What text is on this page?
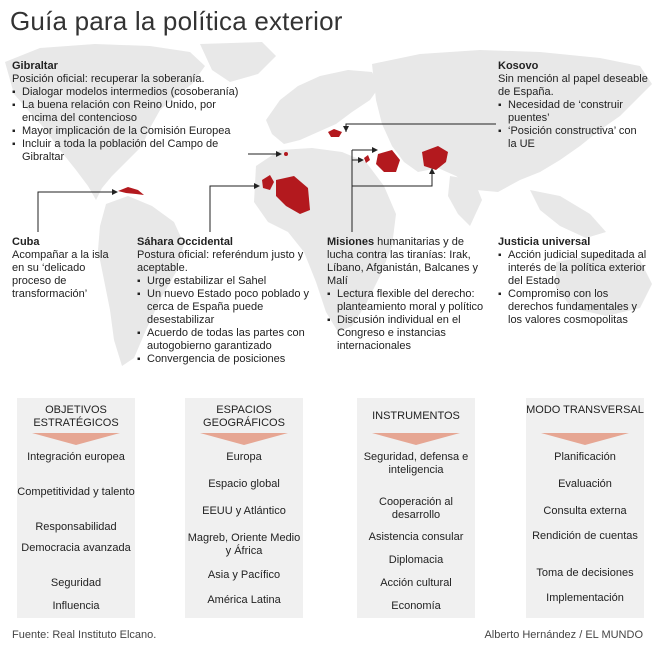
Guía para la política exterior
Gibraltar
Posición oficial: recuperar la soberanía.
▪ Dialogar modelos intermedios (cosoberanía)
▪ La buena relación con Reino Unido, por encima del contencioso
▪ Mayor implicación de la Comisión Europea
▪ Incluir a toda la población del Campo de Gibraltar
Kosovo
Sin mención al papel deseable de España.
▪ Necesidad de ‘construir puentes’
▪ ‘Posición constructiva’ con la UE
Cuba
Acompañar a la isla en su ‘delicado proceso de transformación’
Sáhara Occidental
Postura oficial: referéndum justo y aceptable.
▪ Urge estabilizar el Sahel
▪ Un nuevo Estado poco poblado y cerca de España puede desestabilizar
▪ Acuerdo de todas las partes con autogobierno garantizado
▪ Convergencia de posiciones
Misiones humanitarias y de lucha contra las tiranías: Irak, Líbano, Afganistán, Balcanes y Malí
▪ Lectura flexible del derecho: planteamiento moral y político
▪ Discusión individual en el Congreso e instancias internacionales
Justicia universal
▪ Acción judicial supeditada al interés de la política exterior del Estado
▪ Compromiso con los derechos fundamentales y los valores cosmopolitas
OBJETIVOS ESTRATÉGICOS
Integración europea
Competitividad y talento
Responsabilidad
Democracia avanzada
Seguridad
Influencia
ESPACIOS GEOGRÁFICOS
Europa
Espacio global
EEUU y Atlántico
Magreb, Oriente Medio y África
Asia y Pacífico
América Latina
INSTRUMENTOS
Seguridad, defensa e inteligencia
Cooperación al desarrollo
Asistencia consular
Diplomacia
Acción cultural
Economía
MODO TRANSVERSAL
Planificación
Evaluación
Consulta externa
Rendición de cuentas
Toma de decisiones
Implementación
Fuente: Real Instituto Elcano.	Alberto Hernández / EL MUNDO
